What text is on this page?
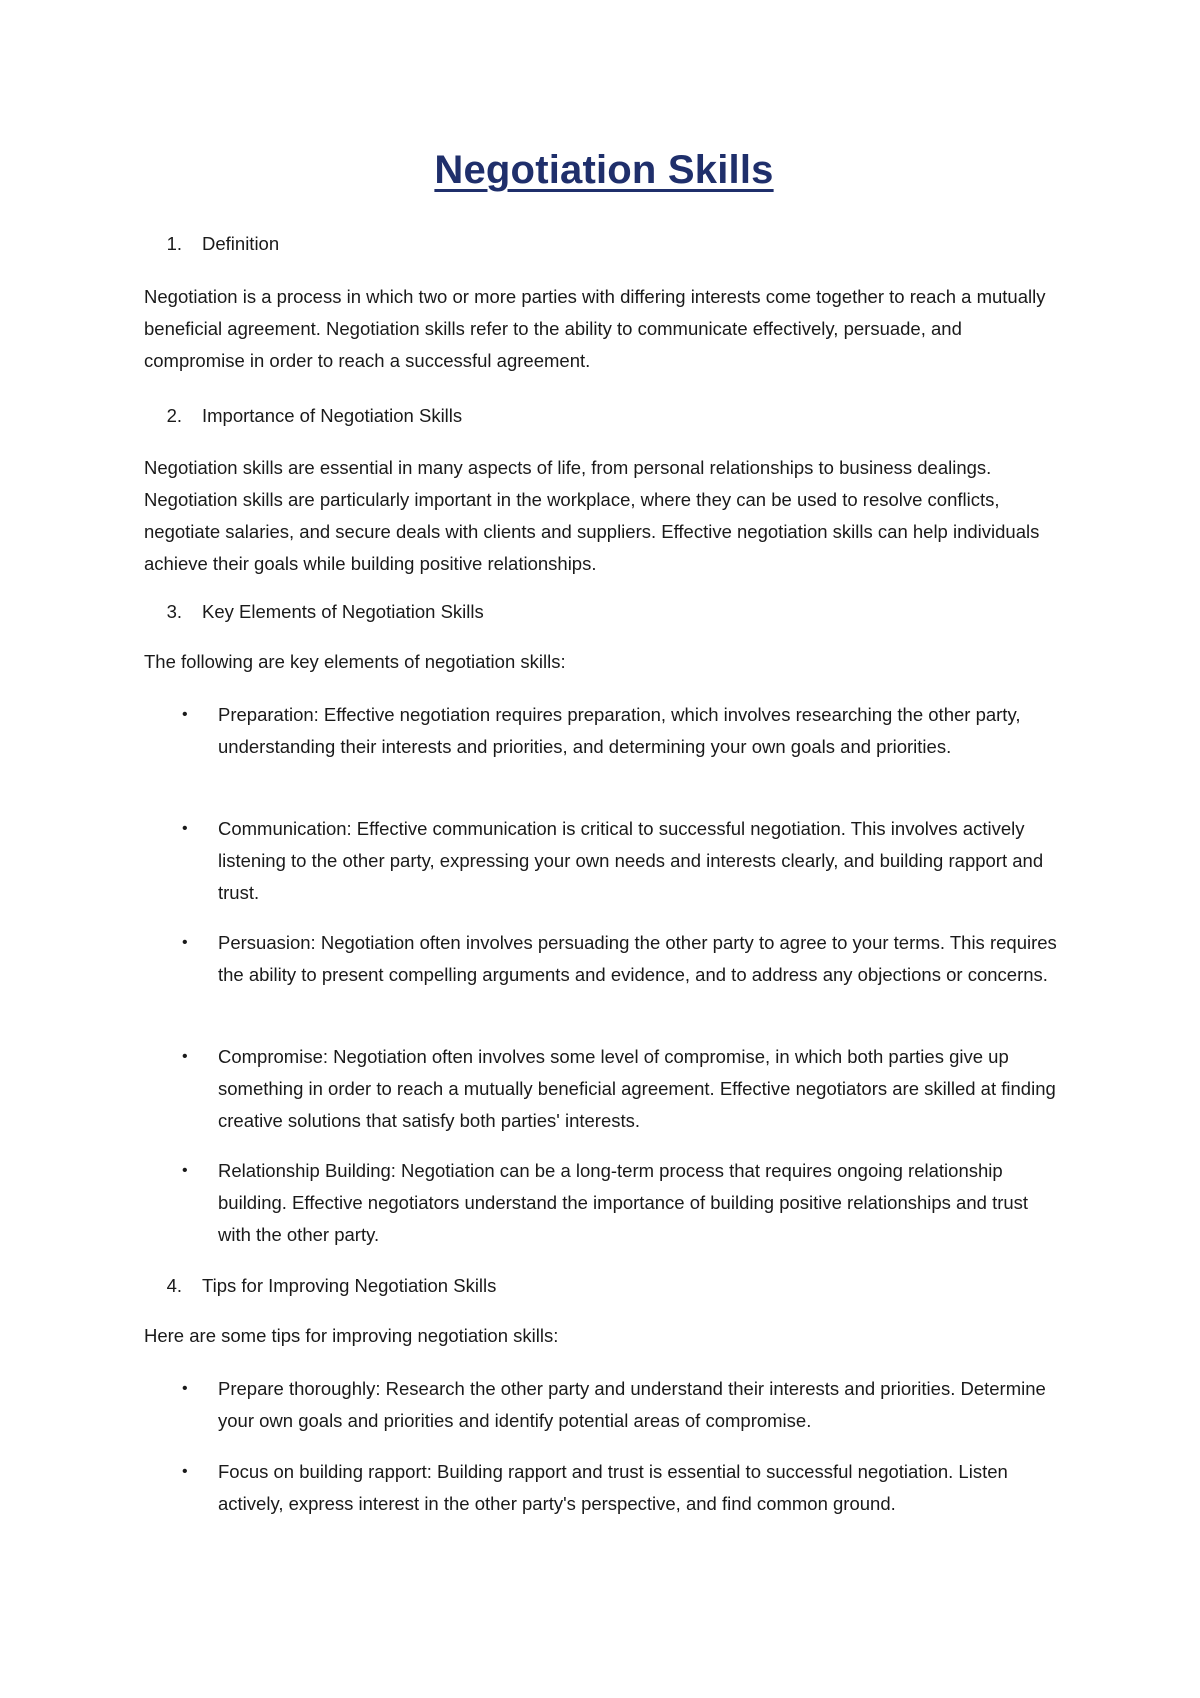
Negotiation Skills
1. Definition

Negotiation is a process in which two or more parties with differing interests come together to reach a mutually beneficial agreement. Negotiation skills refer to the ability to communicate effectively, persuade, and compromise in order to reach a successful agreement.

2. Importance of Negotiation Skills

Negotiation skills are essential in many aspects of life, from personal relationships to business dealings. Negotiation skills are particularly important in the workplace, where they can be used to resolve conflicts, negotiate salaries, and secure deals with clients and suppliers. Effective negotiation skills can help individuals achieve their goals while building positive relationships.

3. Key Elements of Negotiation Skills

The following are key elements of negotiation skills:

• Preparation: Effective negotiation requires preparation, which involves researching the other party, understanding their interests and priorities, and determining your own goals and priorities.
• Communication: Effective communication is critical to successful negotiation. This involves actively listening to the other party, expressing your own needs and interests clearly, and building rapport and trust.
• Persuasion: Negotiation often involves persuading the other party to agree to your terms. This requires the ability to present compelling arguments and evidence, and to address any objections or concerns.
• Compromise: Negotiation often involves some level of compromise, in which both parties give up something in order to reach a mutually beneficial agreement. Effective negotiators are skilled at finding creative solutions that satisfy both parties' interests.
• Relationship Building: Negotiation can be a long-term process that requires ongoing relationship building. Effective negotiators understand the importance of building positive relationships and trust with the other party.
4. Tips for Improving Negotiation Skills

Here are some tips for improving negotiation skills:

• Prepare thoroughly: Research the other party and understand their interests and priorities. Determine your own goals and priorities and identify potential areas of compromise.
• Focus on building rapport: Building rapport and trust is essential to successful negotiation. Listen actively, express interest in the other party's perspective, and find common ground.
